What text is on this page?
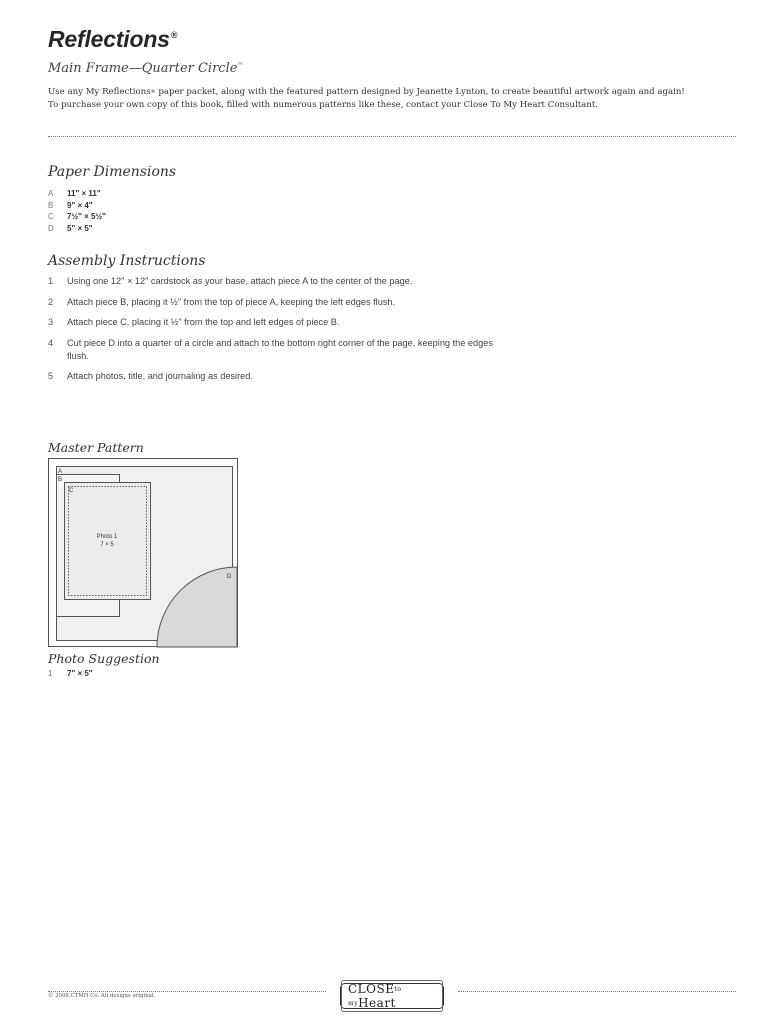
Reflections®
Main Frame—Quarter Circle™

Use any My Reflections® paper packet, along with the featured pattern designed by Jeanette Lynton, to create beautiful artwork again and again!

To purchase your own copy of this book, filled with numerous patterns like these, contact your Close To My Heart Consultant.

Paper Dimensions
A	11" × 11"
B	9" × 4"
C	7½" × 5½"
D	5" × 5"
Assembly Instructions
1	Using one 12" × 12" cardstock as your base, attach piece A to the center of the page.
2	Attach piece B, placing it ½" from the top of piece A, keeping the left edges flush.
3	Attach piece C, placing it ½" from the top and left edges of piece B.
4	Cut piece D into a quarter of a circle and attach to the bottom right corner of the page, keeping the edges flush.
5	Attach photos, title, and journaling as desired.
Master Pattern
A
B
C
D
Photo 1
7 × 5
Photo Suggestion
1	7" × 5"
© 2008 CTMH Co. All designs original.	CLOSEto myHeart
